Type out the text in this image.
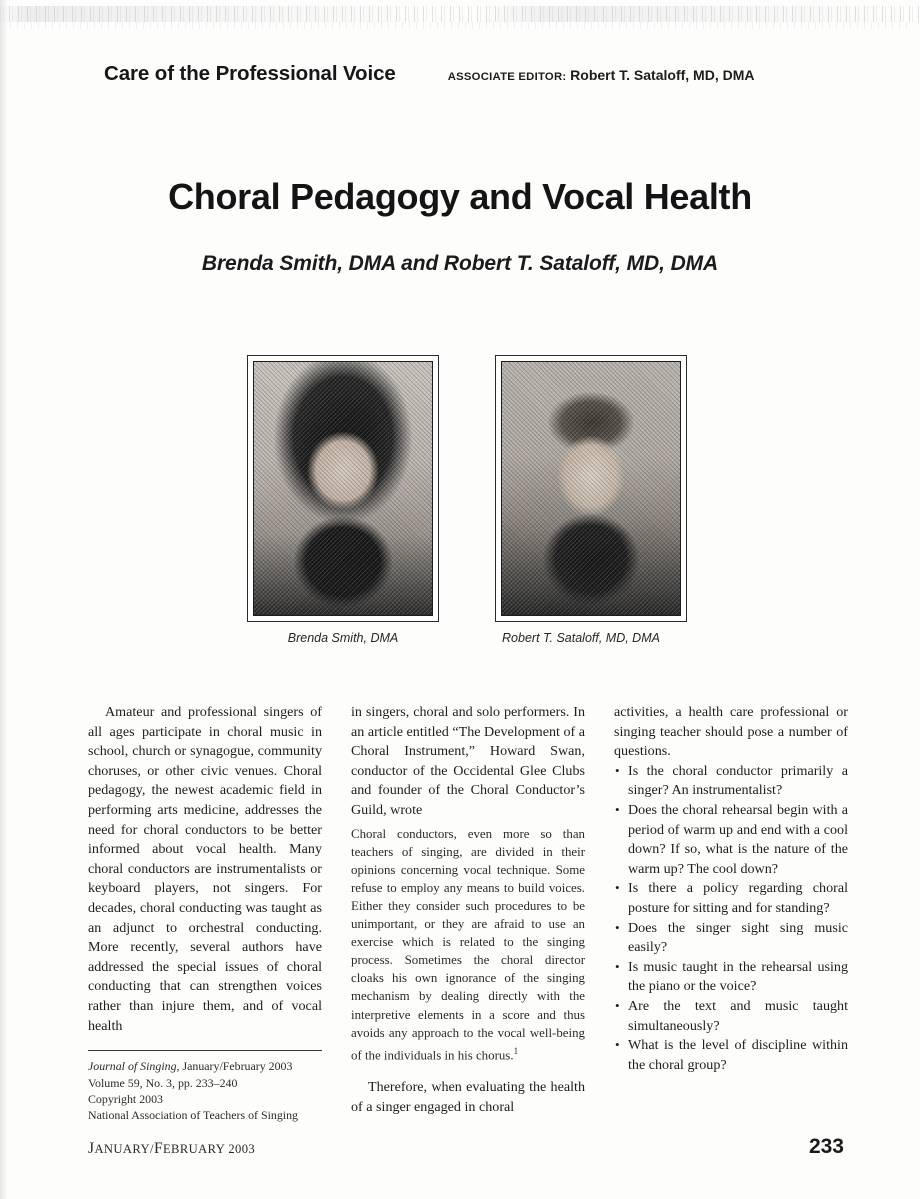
Care of the Professional Voice	ASSOCIATE EDITOR: Robert T. Sataloff, MD, DMA
Choral Pedagogy and Vocal Health
Brenda Smith, DMA and Robert T. Sataloff, MD, DMA
Brenda Smith, DMA	Robert T. Sataloff, MD, DMA

Amateur and professional singers of all ages participate in choral music in school, church or synagogue, community choruses, or other civic venues. Choral pedagogy, the newest academic field in performing arts medicine, addresses the need for choral conductors to be better informed about vocal health. Many choral conductors are instrumentalists or keyboard players, not singers. For decades, choral conducting was taught as an adjunct to orchestral conducting. More recently, several authors have addressed the special issues of choral conducting that can strengthen voices rather than injure them, and of vocal health

Journal of Singing, January/February 2003
Volume 59, No. 3, pp. 233–240
Copyright 2003
National Association of Teachers of Singing

in singers, choral and solo performers. In an article entitled “The Development of a Choral Instrument,” Howard Swan, conductor of the Occidental Glee Clubs and founder of the Choral Conductor’s Guild, wrote

Choral conductors, even more so than teachers of singing, are divided in their opinions concerning vocal technique. Some refuse to employ any means to build voices. Either they consider such procedures to be unimportant, or they are afraid to use an exercise which is related to the singing process. Sometimes the choral director cloaks his own ignorance of the singing mechanism by dealing directly with the interpretive elements in a score and thus avoids any approach to the vocal well-being of the individuals in his chorus.$^1$

Therefore, when evaluating the health of a singer engaged in choral

activities, a health care professional or singing teacher should pose a number of questions.

• Is the choral conductor primarily a singer? An instrumentalist?
• Does the choral rehearsal begin with a period of warm up and end with a cool down? If so, what is the nature of the warm up? The cool down?
• Is there a policy regarding choral posture for sitting and for standing?
• Does the singer sight sing music easily?
• Is music taught in the rehearsal using the piano or the voice?
• Are the text and music taught simultaneously?
• What is the level of discipline within the choral group?
JANUARY/FEBRUARY 2003	233
